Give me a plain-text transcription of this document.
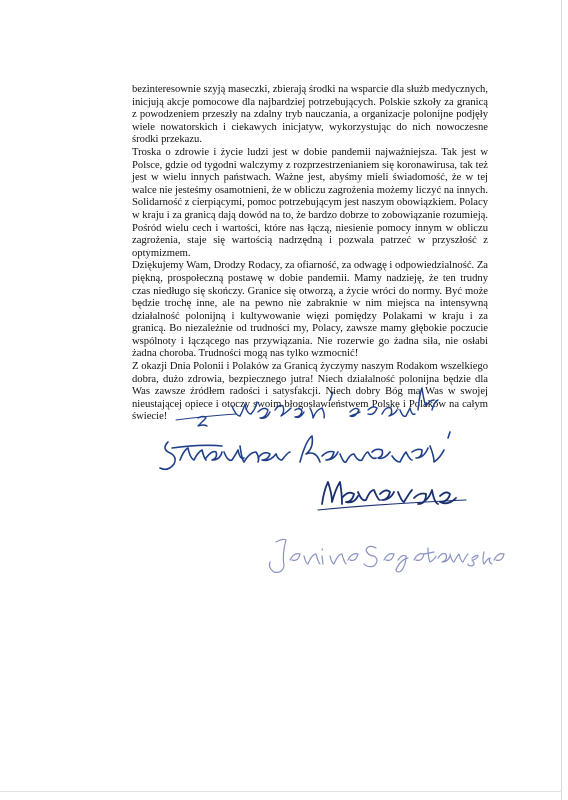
bezinteresownie szyją maseczki, zbierają środki na wsparcie dla służb medycznych, inicjują akcje pomocowe dla najbardziej potrzebujących. Polskie szkoły za granicą z powodzeniem przeszły na zdalny tryb nauczania, a organizacje polonijne podjęły wiele nowatorskich i ciekawych inicjatyw, wykorzystując do nich nowoczesne środki przekazu.

Troska o zdrowie i życie ludzi jest w dobie pandemii najważniejsza. Tak jest w Polsce, gdzie od tygodni walczymy z rozprzestrzenianiem się koronawirusa, tak też jest w wielu innych państwach. Ważne jest, abyśmy mieli świadomość, że w tej walce nie jesteśmy osamotnieni, że w obliczu zagrożenia możemy liczyć na innych. Solidarność z cierpiącymi, pomoc potrzebującym jest naszym obowiązkiem. Polacy w kraju i za granicą dają dowód na to, że bardzo dobrze to zobowiązanie rozumieją. Pośród wielu cech i wartości, które nas łączą, niesienie pomocy innym w obliczu zagrożenia, staje się wartością nadrzędną i pozwala patrzeć w przyszłość z optymizmem.

Dziękujemy Wam, Drodzy Rodacy, za ofiarność, za odwagę i odpowiedzialność. Za piękną, prospołeczną postawę w dobie pandemii. Mamy nadzieję, że ten trudny czas niedługo się skończy. Granice się otworzą, a życie wróci do normy. Być może będzie trochę inne, ale na pewno nie zabraknie w nim miejsca na intensywną działalność polonijną i kultywowanie więzi pomiędzy Polakami w kraju i za granicą. Bo niezależnie od trudności my, Polacy, zawsze mamy głębokie poczucie wspólnoty i łączącego nas przywiązania. Nie rozerwie go żadna siła, nie osłabi żadna choroba. Trudności mogą nas tylko wzmocnić!

Z okazji Dnia Polonii i Polaków za Granicą życzymy naszym Rodakom wszelkiego dobra, dużo zdrowia, bezpiecznego jutra! Niech działalność polonijna będzie dla Was zawsze źródłem radości i satysfakcji. Niech dobry Bóg ma Was w swojej nieustającej opiece i otoczy swoim błogosławieństwem Polskę i Polaków na całym świecie!
